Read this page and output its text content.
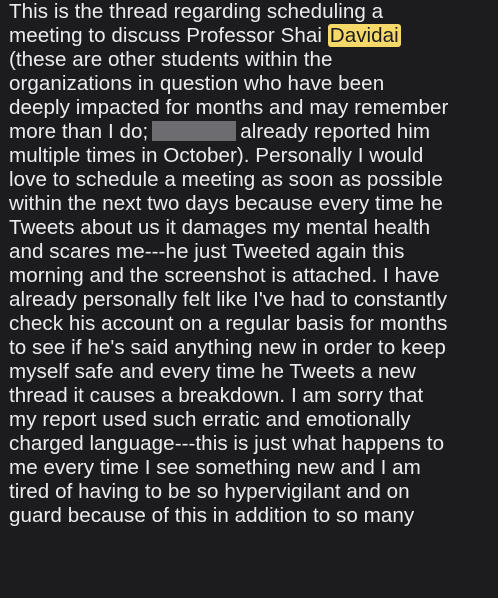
This is the thread regarding scheduling a
meeting to discuss Professor Shai Davidai
(these are other students within the
organizations in question who have been
deeply impacted for months and may remember
more than I do;	already reported him
multiple times in October). Personally I would
love to schedule a meeting as soon as possible
within the next two days because every time he
Tweets about us it damages my mental health
and scares me---he just Tweeted again this
morning and the screenshot is attached. I have
already personally felt like I've had to constantly
check his account on a regular basis for months
to see if he's said anything new in order to keep
myself safe and every time he Tweets a new
thread it causes a breakdown. I am sorry that
my report used such erratic and emotionally
charged language---this is just what happens to
me every time I see something new and I am
tired of having to be so hypervigilant and on
guard because of this in addition to so many
